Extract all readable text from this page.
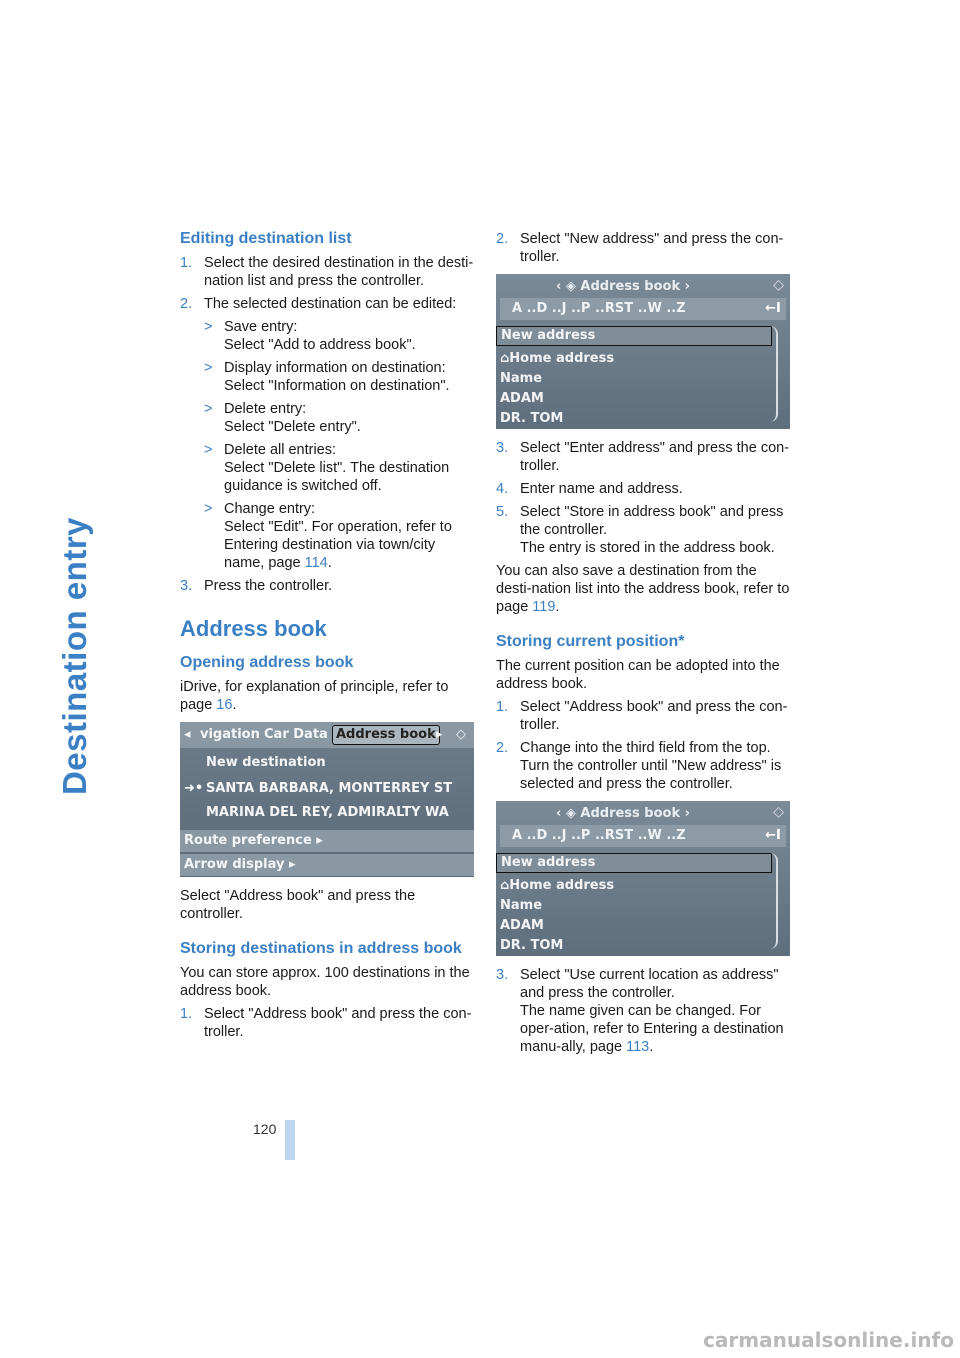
Destination entry
Editing destination list
1. Select the desired destination in the desti-nation list and press the controller.
2. The selected destination can be edited:
> Save entry:
Select "Add to address book".
> Display information on destination:
Select "Information on destination".
> Delete entry:
Select "Delete entry".
> Delete all entries:
Select "Delete list". The destination guidance is switched off.
> Change entry:
Select "Edit". For operation, refer to Entering destination via town/city name, page 114.
3. Press the controller.
Address book
Opening address book

iDrive, for explanation of principle, refer to page 16.

◂ vigation Car Data Address book ▸ ◇
New destination
➜• SANTA BARBARA, MONTERREY ST
MARINA DEL REY, ADMIRALTY WA
Route preference ▸
Arrow display ▸

Select "Address book" and press the controller.

Storing destinations in address book

You can store approx. 100 destinations in the address book.

1. Select "Address book" and press the con-troller.
2. Select "New address" and press the con-troller.
‹ ◈ Address book ›	◇
A ..D ..J ..P ..RST ..W ..Z	←I
New address
⌂Home address
Name
ADAM
DR. TOM
3. Select "Enter address" and press the con-troller.
4. Enter name and address.
5. Select "Store in address book" and press the controller.
The entry is stored in the address book.

You can also save a destination from the desti-nation list into the address book, refer to page 119.

Storing current position*

The current position can be adopted into the address book.

1. Select "Address book" and press the con-troller.
2. Change into the third field from the top. Turn the controller until "New address" is selected and press the controller.
‹ ◈ Address book ›	◇
A ..D ..J ..P ..RST ..W ..Z	←I
New address
⌂Home address
Name
ADAM
DR. TOM
3. Select "Use current location as address" and press the controller.
The name given can be changed. For oper-ation, refer to Entering a destination manu-ally, page 113.
120
carmanualsonline.info
